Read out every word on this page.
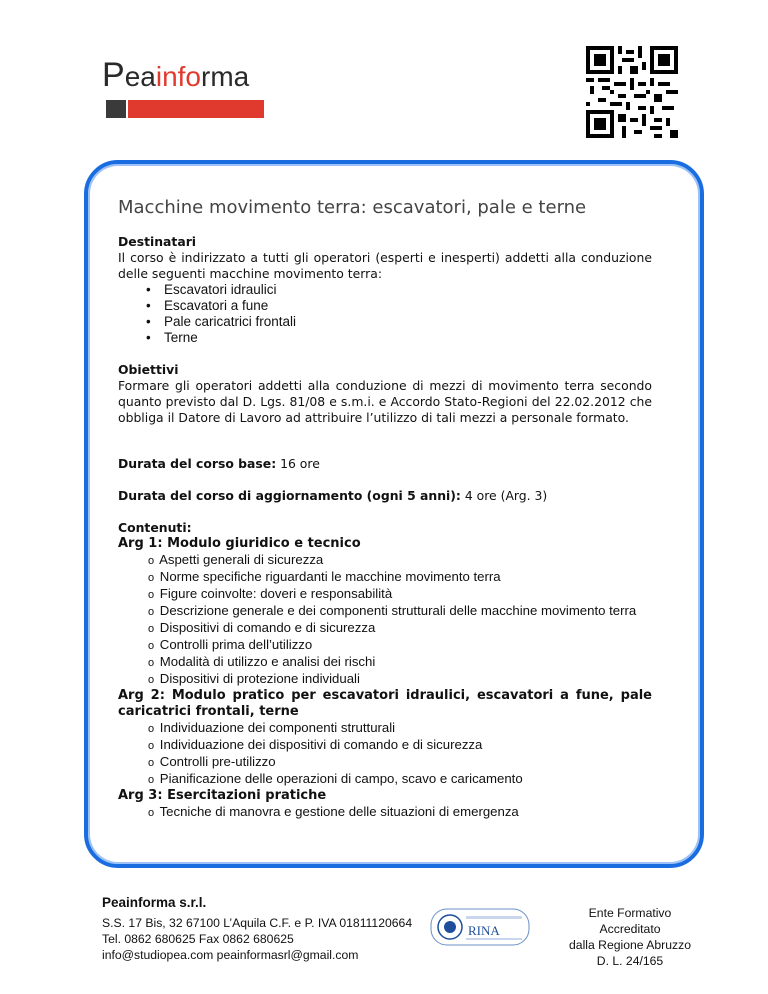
Peainforma
Macchine movimento terra: escavatori, pale e terne

Destinatari

Il corso è indirizzato a tutti gli operatori (esperti e inesperti) addetti alla conduzione delle seguenti macchine movimento terra:

• Escavatori idraulici
• Escavatori a fune
• Pale caricatrici frontali
• Terne

Obiettivi

Formare gli operatori addetti alla conduzione di mezzi di movimento terra secondo quanto previsto dal D. Lgs. 81/08 e s.m.i. e Accordo Stato-Regioni del 22.02.2012 che obbliga il Datore di Lavoro ad attribuire l’utilizzo di tali mezzi a personale formato.

Durata del corso base: 16 ore

Durata del corso di aggiornamento (ogni 5 anni): 4 ore (Arg. 3)

Contenuti:

Arg 1: Modulo giuridico e tecnico

o Aspetti generali di sicurezza
o Norme specifiche riguardanti le macchine movimento terra
o Figure coinvolte: doveri e responsabilità
o Descrizione generale e dei componenti strutturali delle macchine movimento terra
o Dispositivi di comando e di sicurezza
o Controlli prima dell’utilizzo
o Modalità di utilizzo e analisi dei rischi
o Dispositivi di protezione individuali

Arg 2: Modulo pratico per escavatori idraulici, escavatori a fune, pale caricatrici frontali, terne

o Individuazione dei componenti strutturali
o Individuazione dei dispositivi di comando e di sicurezza
o Controlli pre-utilizzo
o Pianificazione delle operazioni di campo, scavo e caricamento

Arg 3: Esercitazioni pratiche

o Tecniche di manovra e gestione delle situazioni di emergenza
Peainforma s.r.l.
S.S. 17 Bis, 32 67100 L’Aquila C.F. e P. IVA 01811120664
Tel. 0862 680625 Fax 0862 680625
info@studiopea.com peainformasrl@gmail.com
RINA
Ente Formativo Accreditato
dalla Regione Abruzzo
D. L. 24/165
